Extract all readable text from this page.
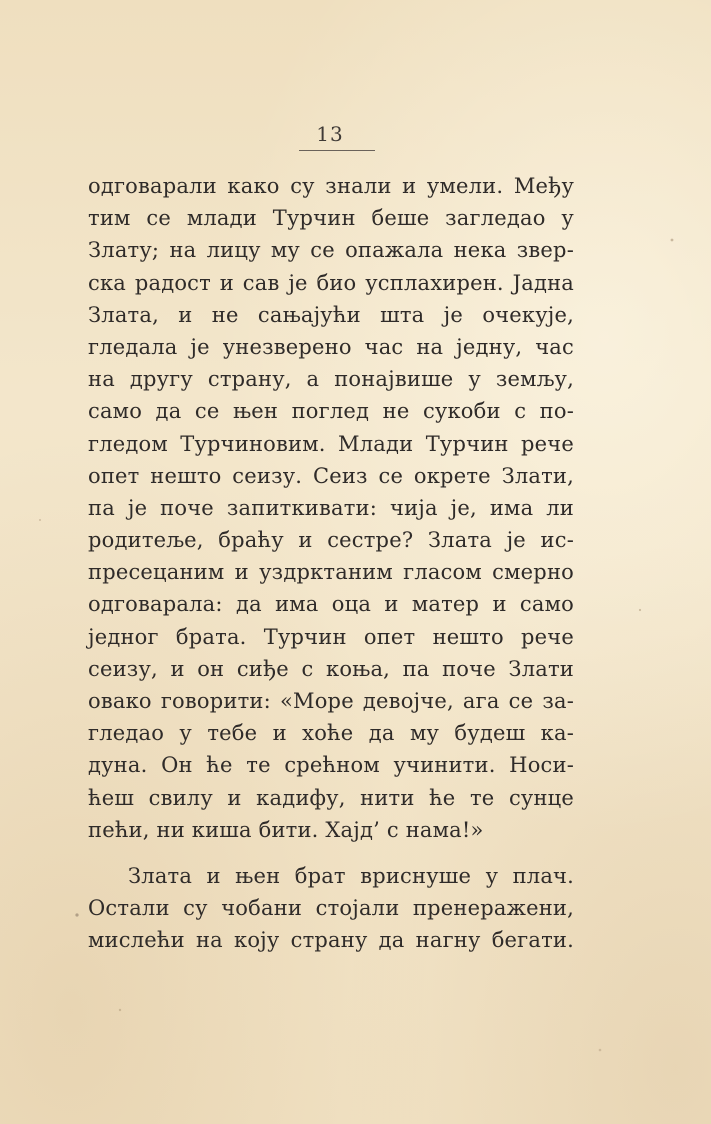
13
одговарали како су знали и умели. Међу
тим се млади Турчин беше загледао у
Злату; на лицу му се опажала нека звер-
ска радост и сав је био усплахирен. Јадна
Злата, и не сањајући шта је очекује,
гледала је унезверено час на једну, час
на другу страну, а понајвише у земљу,
само да се њен поглед не сукоби с по-
гледом Турчиновим. Млади Турчин рече
опет нешто сеизу. Сеиз се окрете Злати,
па је поче запиткивати: чија је, има ли
родитеље, браћу и сестре? Злата је ис-
пресецаним и уздрктаним гласом смерно
одговарала: да има оца и матер и само
једног брата. Турчин опет нешто рече
сеизу, и он сиђе с коња, па поче Злати
овако говорити: «Море девојче, ага се за-
гледао у тебе и хоће да му будеш ка-
дуна. Он ће те срећном учинити. Носи-
ћеш свилу и кадифу, нити ће те сунце
пећи, ни киша бити. Хајд’ с нама!»
Злата и њен брат вриснуше у плач.
Остали су чобани стојали пренеражени,
мислећи на коју страну да нагну бегати.
